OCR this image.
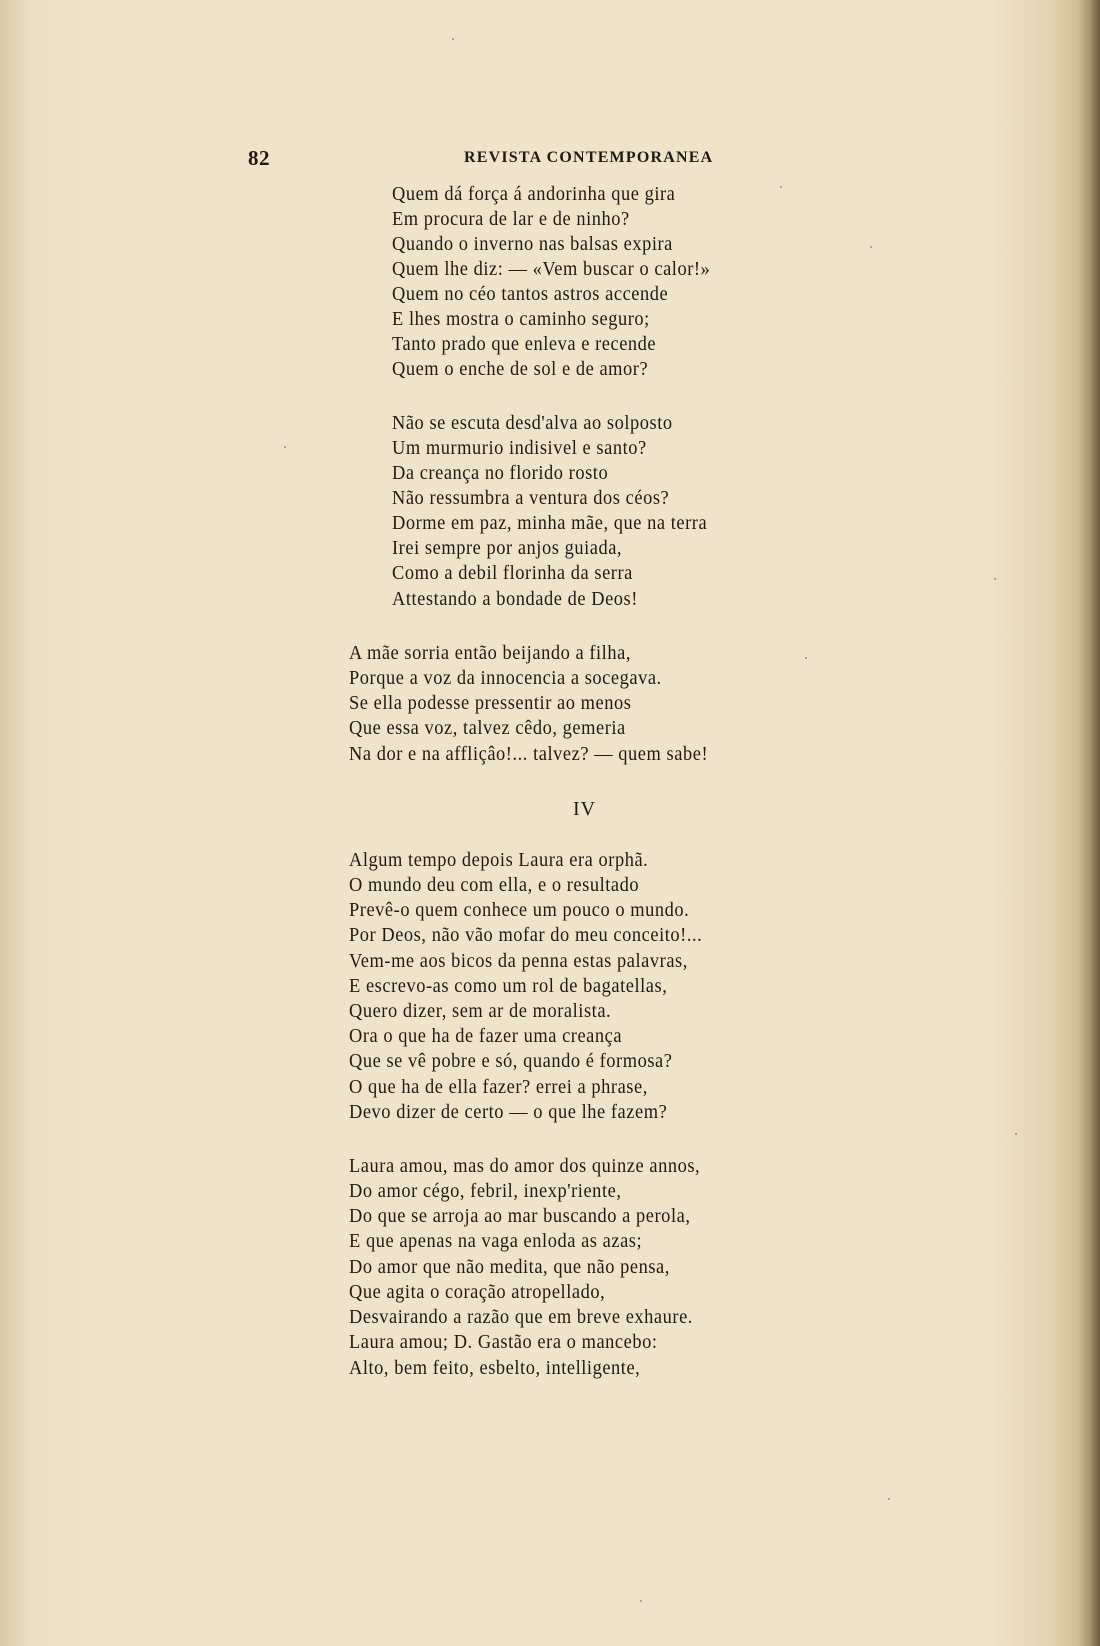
82	REVISTA CONTEMPORANEA
Quem dá força á andorinha que gira
Em procura de lar e de ninho?
Quando o inverno nas balsas expira
Quem lhe diz: — «Vem buscar o calor!»
Quem no céo tantos astros accende
E lhes mostra o caminho seguro;
Tanto prado que enleva e recende
Quem o enche de sol e de amor?
Não se escuta desd'alva ao solposto
Um murmurio indisivel e santo?
Da creança no florido rosto
Não ressumbra a ventura dos céos?
Dorme em paz, minha mãe, que na terra
Irei sempre por anjos guiada,
Como a debil florinha da serra
Attestando a bondade de Deos!
A mãe sorria então beijando a filha,
Porque a voz da innocencia a socegava.
Se ella podesse pressentir ao menos
Que essa voz, talvez cêdo, gemeria
Na dor e na affliçâo!... talvez? — quem sabe!
IV
Algum tempo depois Laura era orphã.
O mundo deu com ella, e o resultado
Prevê-o quem conhece um pouco o mundo.
Por Deos, não vão mofar do meu conceito!...
Vem-me aos bicos da penna estas palavras,
E escrevo-as como um rol de bagatellas,
Quero dizer, sem ar de moralista.
Ora o que ha de fazer uma creança
Que se vê pobre e só, quando é formosa?
O que ha de ella fazer? errei a phrase,
Devo dizer de certo — o que lhe fazem?
Laura amou, mas do amor dos quinze annos,
Do amor cégo, febril, inexp'riente,
Do que se arroja ao mar buscando a perola,
E que apenas na vaga enloda as azas;
Do amor que não medita, que não pensa,
Que agita o coração atropellado,
Desvairando a razão que em breve exhaure.
Laura amou; D. Gastão era o mancebo:
Alto, bem feito, esbelto, intelligente,
